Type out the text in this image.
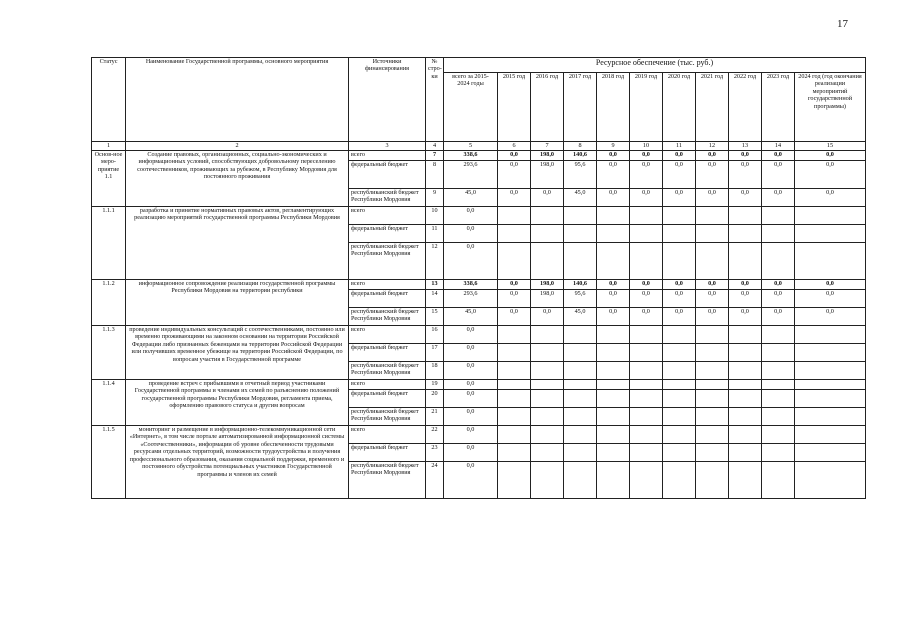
17
Статус	Наименование Государственной программы, основного мероприятия	Источники финансирования	№ стро-ки	Ресурсное обеспечение (тыс. руб.)										
				всего за 2015-2024 годы	2015 год	2016 год	2017 год	2018 год	2019 год	2020 год	2021 год	2022 год	2023 год	2024 год (год окончания реализации мероприятий государственной программы)
1	2	3	4	5	6	7	8	9	10	11	12	13	14	15
Основ-ное меро-приятие 1.1	Создание правовых, организационных, социально-экономических и информационных условий, способствующих добровольному переселению соотечественников, проживающих за рубежом, в Республику Мордовия для постоянного проживания	всего	7	338,6	0,0	198,0	140,6	0,0	0,0	0,0	0,0	0,0	0,0	0,0
		федеральный бюджет	8	293,6	0,0	198,0	95,6	0,0	0,0	0,0	0,0	0,0	0,0	0,0
		республиканский бюджет Республики Мордовия	9	45,0	0,0	0,0	45,0	0,0	0,0	0,0	0,0	0,0	0,0	0,0
1.1.1	разработка и принятие нормативных правовых актов, регламентирующих реализацию мероприятий государственной программы Республики Мордовия	всего	10	0,0										
		федеральный бюджет	11	0,0										
		республиканский бюджет Республики Мордовия	12	0,0										
1.1.2	информационное сопровождение реализации государственной программы Республики Мордовия на территории республики	всего	13	338,6	0,0	198,0	140,6	0,0	0,0	0,0	0,0	0,0	0,0	0,0
		федеральный бюджет	14	293,6	0,0	198,0	95,6	0,0	0,0	0,0	0,0	0,0	0,0	0,0
		республиканский бюджет Республики Мордовия	15	45,0	0,0	0,0	45,0	0,0	0,0	0,0	0,0	0,0	0,0	0,0
1.1.3	проведение индивидуальных консультаций с соотечественниками, постоянно или временно проживающими на законном основании на территории Российской Федерации либо признанных беженцами на территории Российской Федерации или получивших временное убежище на территории Российской Федерации, по вопросам участия в Государственной программе	всего	16	0,0										
		федеральный бюджет	17	0,0										
		республиканский бюджет Республики Мордовия	18	0,0										
1.1.4	проведение встреч с прибывшими в отчетный период участниками Государственной программы и членами их семей по разъяснению положений государственной программы Республики Мордовия, регламента приема, оформлению правового статуса и другим вопросам	всего	19	0,0										
		федеральный бюджет	20	0,0										
		республиканский бюджет Республики Мордовия	21	0,0										
1.1.5	мониторинг и размещение в информационно-телекоммуникационной сети «Интернет», в том числе портале автоматизированной информационной системы «Соотечественники», информации об уровне обеспеченности трудовыми ресурсами отдельных территорий, возможности трудоустройства и получения профессионального образования, оказания социальной поддержки, временного и постоянного обустройства потенциальных участников Государственной программы и членов их семей	всего	22	0,0										
		федеральный бюджет	23	0,0										
		республиканский бюджет Республики Мордовия	24	0,0										
